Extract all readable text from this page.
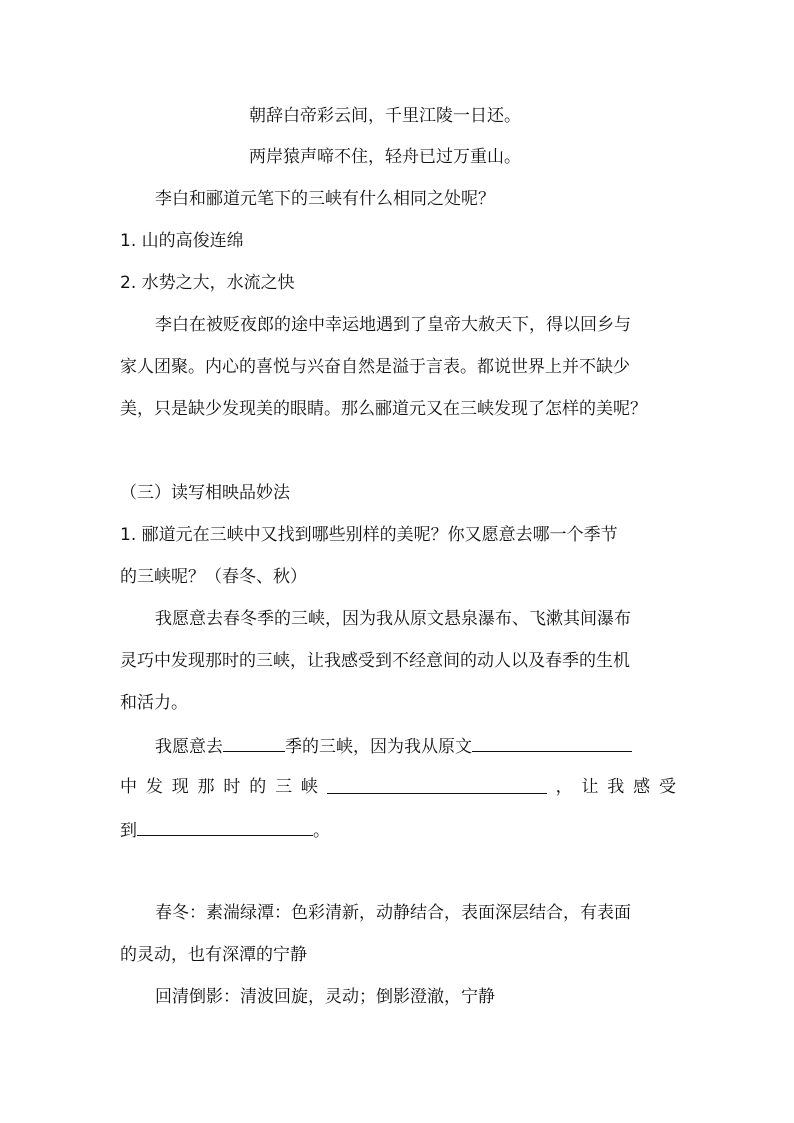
朝辞白帝彩云间，千里江陵一日还。
两岸猿声啼不住，轻舟已过万重山。
李白和郦道元笔下的三峡有什么相同之处呢？
1. 山的高俊连绵
2. 水势之大，水流之快
李白在被贬夜郎的途中幸运地遇到了皇帝大赦天下，得以回乡与
家人团聚。内心的喜悦与兴奋自然是溢于言表。都说世界上并不缺少
美，只是缺少发现美的眼睛。那么郦道元又在三峡发现了怎样的美呢？
（三）读写相映品妙法
1. 郦道元在三峡中又找到哪些别样的美呢？你又愿意去哪一个季节
的三峡呢？（春冬、秋）
我愿意去春冬季的三峡，因为我从原文悬泉瀑布、飞漱其间瀑布
灵巧中发现那时的三峡，让我感受到不经意间的动人以及春季的生机
和活力。
我愿意去	季的三峡，因为我从原文
中 发 现 那 时 的 三 峡	， 让 我 感 受
到	。
春冬：素湍绿潭：色彩清新，动静结合，表面深层结合，有表面
的灵动，也有深潭的宁静
回清倒影：清波回旋，灵动；倒影澄澈，宁静
